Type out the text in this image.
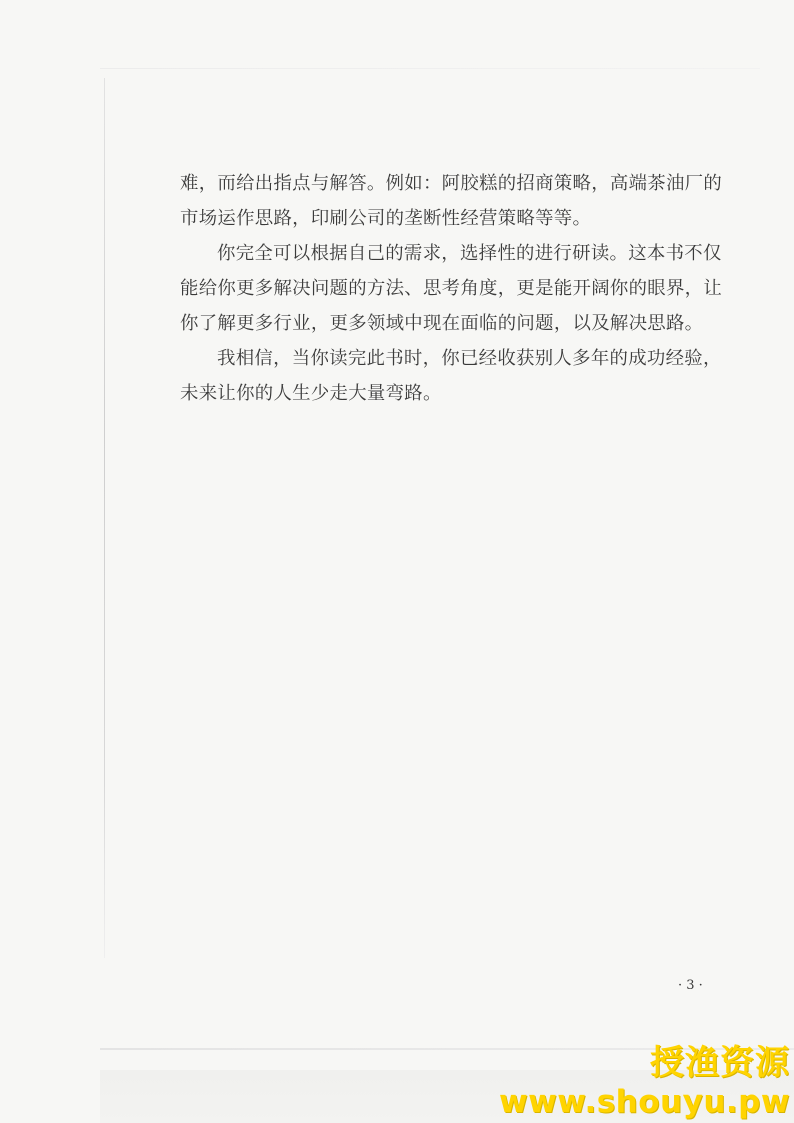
难，而给出指点与解答。例如：阿胶糕的招商策略，高端茶油厂的市场运作思路，印刷公司的垄断性经营策略等等。

你完全可以根据自己的需求，选择性的进行研读。这本书不仅能给你更多解决问题的方法、思考角度，更是能开阔你的眼界，让你了解更多行业，更多领域中现在面临的问题，以及解决思路。

我相信，当你读完此书时，你已经收获别人多年的成功经验，未来让你的人生少走大量弯路。

· 3 ·
授渔资源
www.shouyu.pw
